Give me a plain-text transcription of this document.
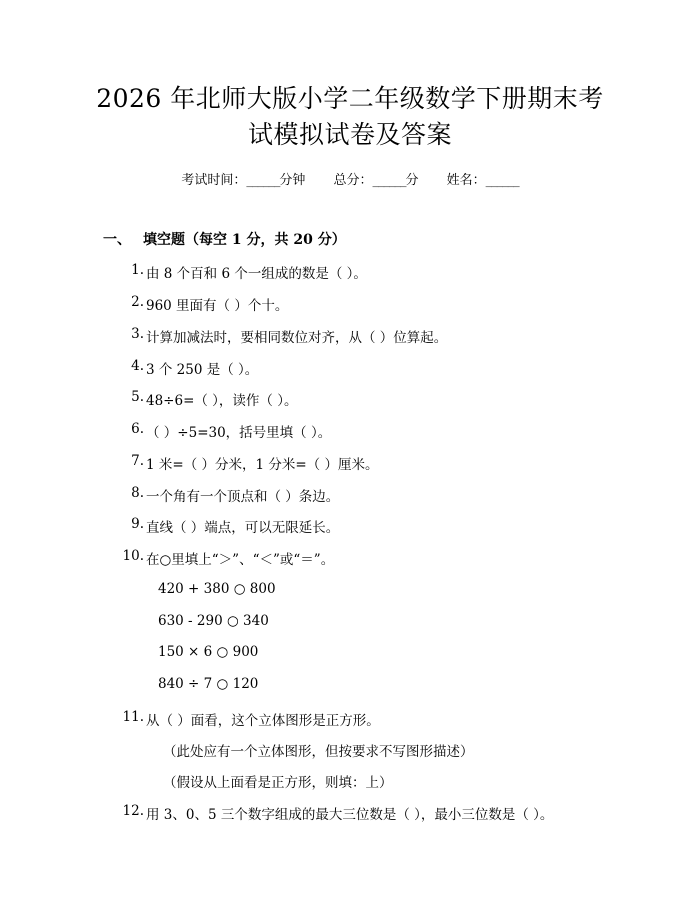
2026 年北师大版小学二年级数学下册期末考
试模拟试卷及答案
考试时间：______分钟 总分：______分 姓名：______
一、 填空题（每空 1 分，共 20 分）
1. 由 8 个百和 6 个一组成的数是（ ）。
2. 960 里面有（ ）个十。
3. 计算加减法时，要相同数位对齐，从（ ）位算起。
4. 3 个 250 是（ ）。
5. 48÷6=（ ），读作（ ）。
6. （ ）÷5=30，括号里填（ ）。
7. 1 米=（ ）分米，1 分米=（ ）厘米。
8. 一个角有一个顶点和（ ）条边。
9. 直线（ ）端点，可以无限延长。
10. 在○里填上“＞”、“＜”或“＝”。
420 + 380 ○ 800
630 - 290 ○ 340
150 × 6 ○ 900
840 ÷ 7 ○ 120
11. 从（ ）面看，这个立体图形是正方形。
（此处应有一个立体图形，但按要求不写图形描述）
（假设从上面看是正方形，则填：上）
12. 用 3、0、5 三个数字组成的最大三位数是（ ），最小三位数是（ ）。
